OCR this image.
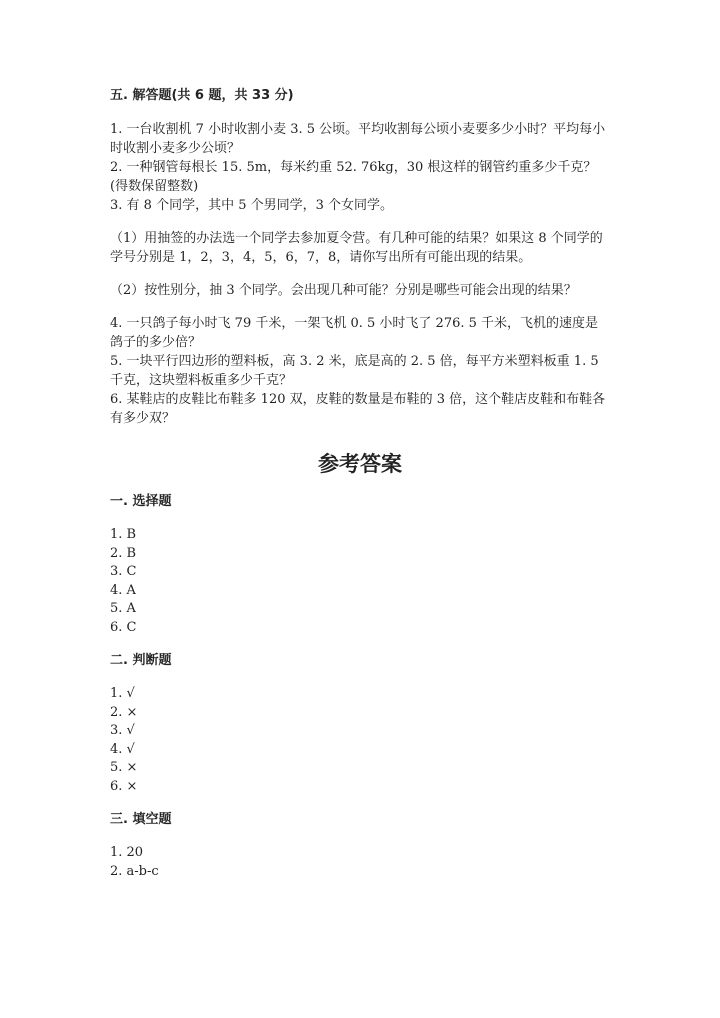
五. 解答题(共 6 题，共 33 分)

1. 一台收割机 7 小时收割小麦 3. 5 公顷。平均收割每公顷小麦要多少小时？平均每小时收割小麦多少公顷？

2. 一种钢管每根长 15. 5m，每米约重 52. 76kg，30 根这样的钢管约重多少千克？ (得数保留整数)

3. 有 8 个同学，其中 5 个男同学，3 个女同学。

（1）用抽签的办法选一个同学去参加夏令营。有几种可能的结果？如果这 8 个同学的学号分别是 1，2，3，4，5，6，7，8，请你写出所有可能出现的结果。

（2）按性别分，抽 3 个同学。会出现几种可能？分别是哪些可能会出现的结果？

4. 一只鸽子每小时飞 79 千米，一架飞机 0. 5 小时飞了 276. 5 千米，飞机的速度是鸽子的多少倍？

5. 一块平行四边形的塑料板，高 3. 2 米，底是高的 2. 5 倍，每平方米塑料板重 1. 5 千克，这块塑料板重多少千克？

6. 某鞋店的皮鞋比布鞋多 120 双，皮鞋的数量是布鞋的 3 倍，这个鞋店皮鞋和布鞋各有多少双？

参考答案

一. 选择题

1. B

2. B

3. C

4. A

5. A

6. C

二. 判断题

1. √

2. ×

3. √

4. √

5. ×

6. ×

三. 填空题

1. 20

2. a-b-c
